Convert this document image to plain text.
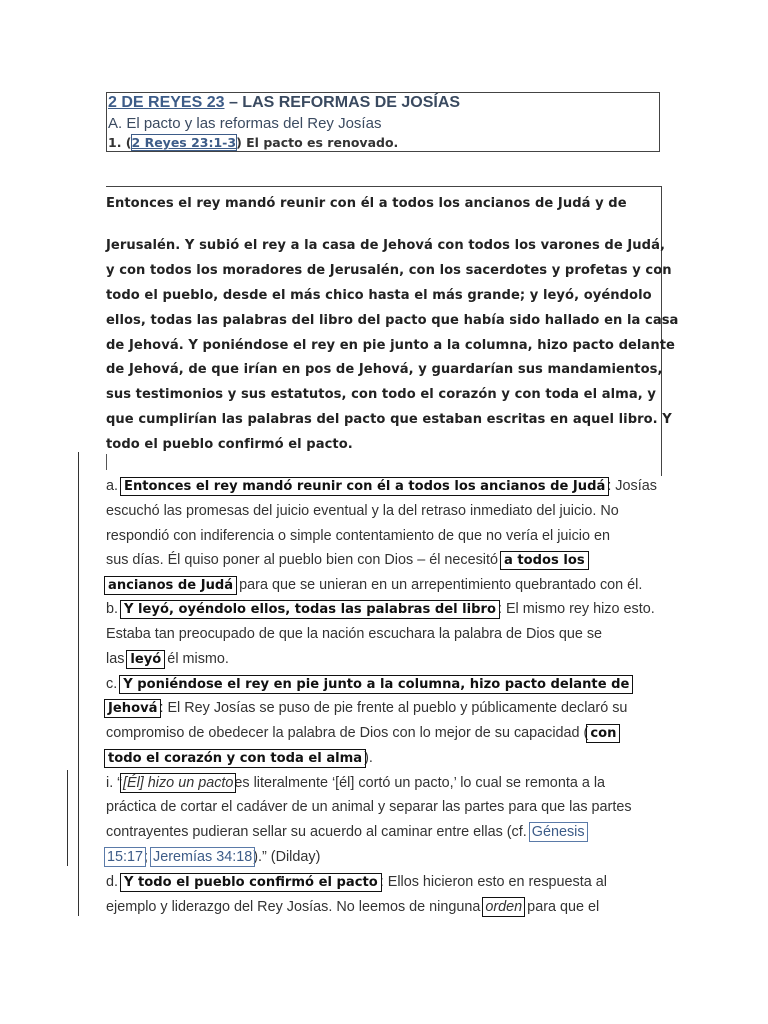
2 DE REYES 23 – LAS REFORMAS DE JOSÍAS
A. El pacto y las reformas del Rey Josías
1. (2 Reyes 23:1-3) El pacto es renovado.
Entonces el rey mandó reunir con él a todos los ancianos de Judá y de
Jerusalén. Y subió el rey a la casa de Jehová con todos los varones de Judá,
y con todos los moradores de Jerusalén, con los sacerdotes y profetas y con
todo el pueblo, desde el más chico hasta el más grande; y leyó, oyéndolo
ellos, todas las palabras del libro del pacto que había sido hallado en la casa
de Jehová. Y poniéndose el rey en pie junto a la columna, hizo pacto delante
de Jehová, de que irían en pos de Jehová, y guardarían sus mandamientos,
sus testimonios y sus estatutos, con todo el corazón y con toda el alma, y
que cumplirían las palabras del pacto que estaban escritas en aquel libro. Y
todo el pueblo confirmó el pacto.
a. Entonces el rey mandó reunir con él a todos los ancianos de Judá : Josías
escuchó las promesas del juicio eventual y la del retraso inmediato del juicio. No
respondió con indiferencia o simple contentamiento de que no vería el juicio en
sus días. Él quiso poner al pueblo bien con Dios – él necesitó a todos los
ancianos de Judá para que se unieran en un arrepentimiento quebrantado con él.
b. Y leyó, oyéndolo ellos, todas las palabras del libro : El mismo rey hizo esto.
Estaba tan preocupado de que la nación escuchara la palabra de Dios que se
las leyó él mismo.
c. Y poniéndose el rey en pie junto a la columna, hizo pacto delante de
Jehová : El Rey Josías se puso de pie frente al pueblo y públicamente declaró su
compromiso de obedecer la palabra de Dios con lo mejor de su capacidad ( con
todo el corazón y con toda el alma ).
i. “[Él] hizo un pactoes literalmente ‘[él] cortó un pacto,’ lo cual se remonta a la
práctica de cortar el cadáver de un animal y separar las partes para que las partes
contrayentes pudieran sellar su acuerdo al caminar entre ellas (cf. Génesis
15:17; Jeremías 34:18).” (Dilday)
d. Y todo el pueblo confirmó el pacto : Ellos hicieron esto en respuesta al
ejemplo y liderazgo del Rey Josías. No leemos de ninguna orden para que el
